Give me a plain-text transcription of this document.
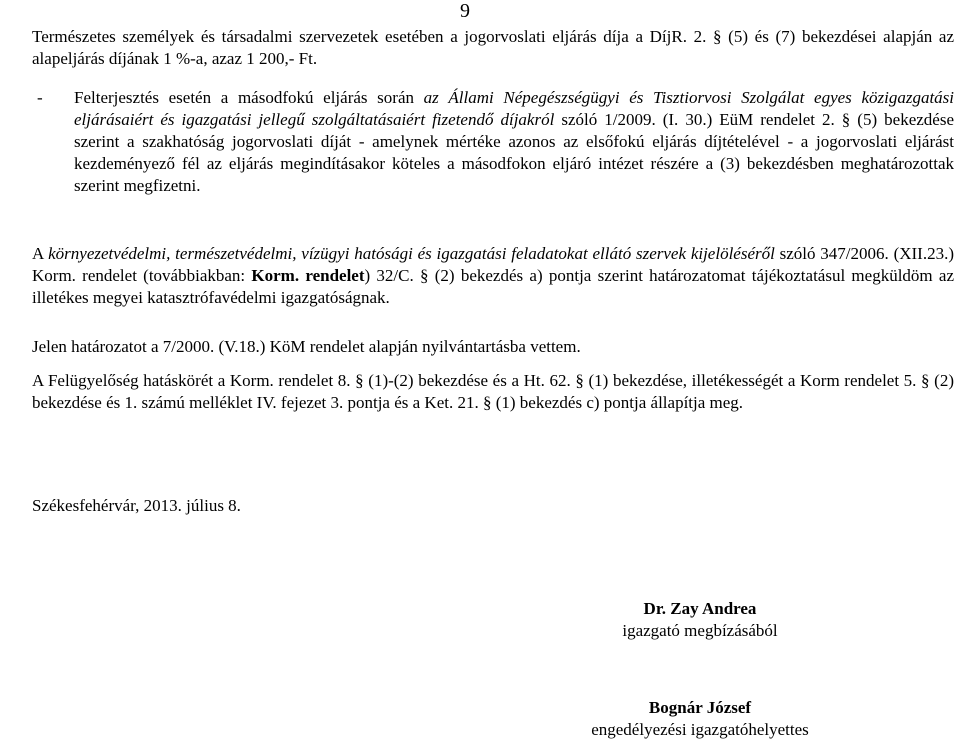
9

Természetes személyek és társadalmi szervezetek esetében a jogorvoslati eljárás díja a DíjR. 2. § (5) és (7) bekezdései alapján az alapeljárás díjának 1 %-a, azaz 1 200,- Ft.

-	Felterjesztés esetén a másodfokú eljárás során az Állami Népegészségügyi és Tisztiorvosi Szolgálat egyes közigazgatási eljárásaiért és igazgatási jellegű szolgáltatásaiért fizetendő díjakról szóló 1/2009. (I. 30.) EüM rendelet 2. § (5) bekezdése szerint a szakhatóság jogorvoslati díját - amelynek mértéke azonos az elsőfokú eljárás díjtételével - a jogorvoslati eljárást kezdeményező fél az eljárás megindításakor köteles a másodfokon eljáró intézet részére a (3) bekezdésben meghatározottak szerint megfizetni.

A környezetvédelmi, természetvédelmi, vízügyi hatósági és igazgatási feladatokat ellátó szervek kijelöléséről szóló 347/2006. (XII.23.) Korm. rendelet (továbbiakban: Korm. rendelet) 32/C. § (2) bekezdés a) pontja szerint határozatomat tájékoztatásul megküldöm az illetékes megyei katasztrófavédelmi igazgatóságnak.

Jelen határozatot a 7/2000. (V.18.) KöM rendelet alapján nyilvántartásba vettem.

A Felügyelőség hatáskörét a Korm. rendelet 8. § (1)-(2) bekezdése és a Ht. 62. § (1) bekezdése, illetékességét a Korm rendelet 5. § (2) bekezdése és 1. számú melléklet IV. fejezet 3. pontja és a Ket. 21. § (1) bekezdés c) pontja állapítja meg.

Székesfehérvár, 2013. július 8.

Dr. Zay Andrea
igazgató megbízásából
Bognár József
engedélyezési igazgatóhelyettes
